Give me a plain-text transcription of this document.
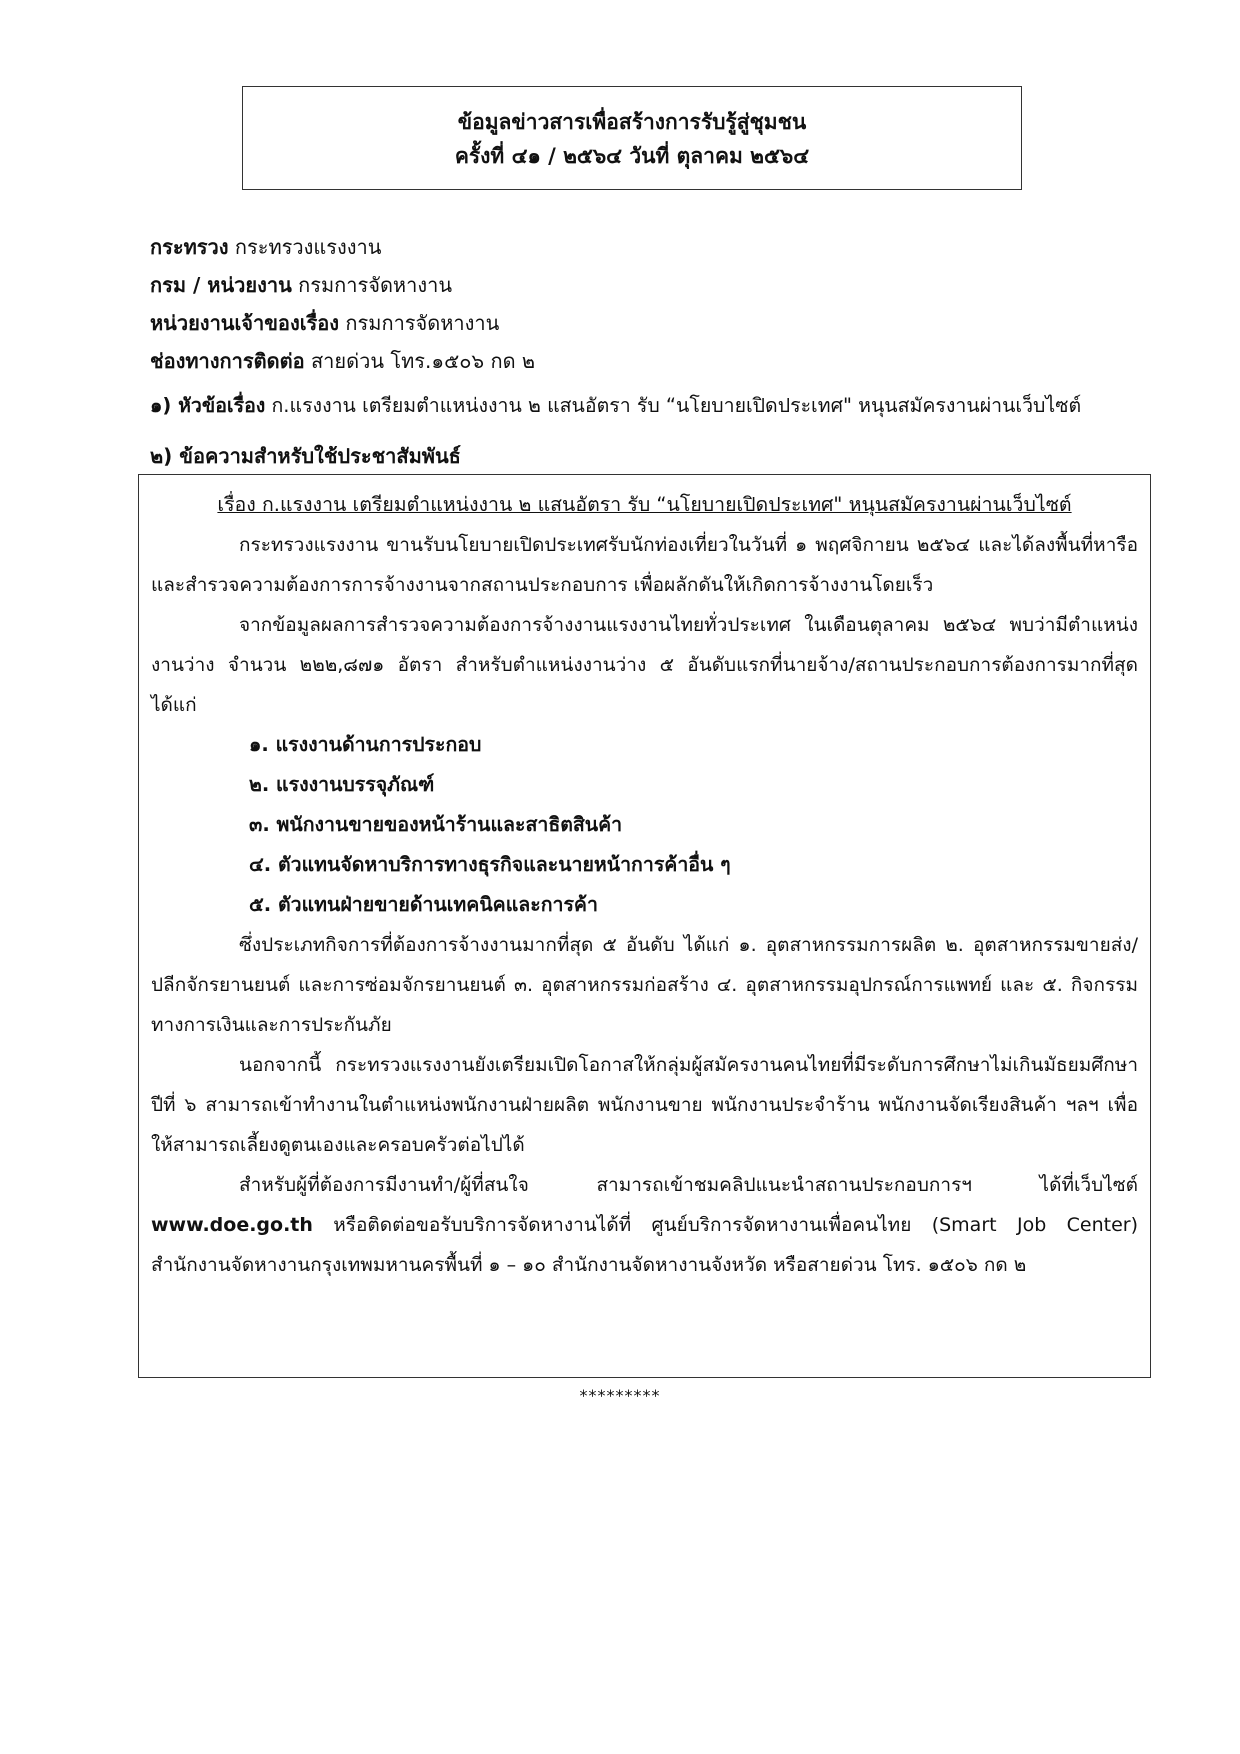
ข้อมูลข่าวสารเพื่อสร้างการรับรู้สู่ชุมชน
ครั้งที่ ๔๑ / ๒๕๖๔ วันที่ ตุลาคม ๒๕๖๔
กระทรวง กระทรวงแรงงาน
กรม / หน่วยงาน กรมการจัดหางาน
หน่วยงานเจ้าของเรื่อง กรมการจัดหางาน
ช่องทางการติดต่อ สายด่วน โทร.๑๕๐๖ กด ๒
๑) หัวข้อเรื่อง ก.แรงงาน เตรียมตำแหน่งงาน ๒ แสนอัตรา รับ “นโยบายเปิดประเทศ" หนุนสมัครงานผ่านเว็บไซต์
๒) ข้อความสำหรับใช้ประชาสัมพันธ์
เรื่อง ก.แรงงาน เตรียมตำแหน่งงาน ๒ แสนอัตรา รับ “นโยบายเปิดประเทศ" หนุนสมัครงานผ่านเว็บไซต์

กระทรวงแรงงาน ขานรับนโยบายเปิดประเทศรับนักท่องเที่ยวในวันที่ ๑ พฤศจิกายน ๒๕๖๔ และได้ลงพื้นที่หารือและสำรวจความต้องการการจ้างงานจากสถานประกอบการ เพื่อผลักดันให้เกิดการจ้างงานโดยเร็ว

จากข้อมูลผลการสำรวจความต้องการจ้างงานแรงงานไทยทั่วประเทศ ในเดือนตุลาคม ๒๕๖๔ พบว่ามีตำแหน่งงานว่าง จำนวน ๒๒๒,๘๗๑ อัตรา สำหรับตำแหน่งงานว่าง ๕ อันดับแรกที่นายจ้าง/สถานประกอบการต้องการมากที่สุด ได้แก่

๑. แรงงานด้านการประกอบ
๒. แรงงานบรรจุภัณฑ์
๓. พนักงานขายของหน้าร้านและสาธิตสินค้า
๔. ตัวแทนจัดหาบริการทางธุรกิจและนายหน้าการค้าอื่น ๆ
๕. ตัวแทนฝ่ายขายด้านเทคนิคและการค้า

ซึ่งประเภทกิจการที่ต้องการจ้างงานมากที่สุด ๕ อันดับ ได้แก่ ๑. อุตสาหกรรมการผลิต ๒. อุตสาหกรรมขายส่ง/ปลีกจักรยานยนต์ และการซ่อมจักรยานยนต์ ๓. อุตสาหกรรมก่อสร้าง ๔. อุตสาหกรรมอุปกรณ์การแพทย์ และ ๕. กิจกรรมทางการเงินและการประกันภัย

นอกจากนี้ กระทรวงแรงงานยังเตรียมเปิดโอกาสให้กลุ่มผู้สมัครงานคนไทยที่มีระดับการศึกษาไม่เกินมัธยมศึกษาปีที่ ๖ สามารถเข้าทำงานในตำแหน่งพนักงานฝ่ายผลิต พนักงานขาย พนักงานประจำร้าน พนักงานจัดเรียงสินค้า ฯลฯ เพื่อให้สามารถเลี้ยงดูตนเองและครอบครัวต่อไปได้

สำหรับผู้ที่ต้องการมีงานทำ/ผู้ที่สนใจ สามารถเข้าชมคลิปแนะนำสถานประกอบการฯ ได้ที่เว็บไซต์ www.doe.go.th หรือติดต่อขอรับบริการจัดหางานได้ที่ ศูนย์บริการจัดหางานเพื่อคนไทย (Smart Job Center) สำนักงานจัดหางานกรุงเทพมหานครพื้นที่ ๑ – ๑๐ สำนักงานจัดหางานจังหวัด หรือสายด่วน โทร. ๑๕๐๖ กด ๒

*********
